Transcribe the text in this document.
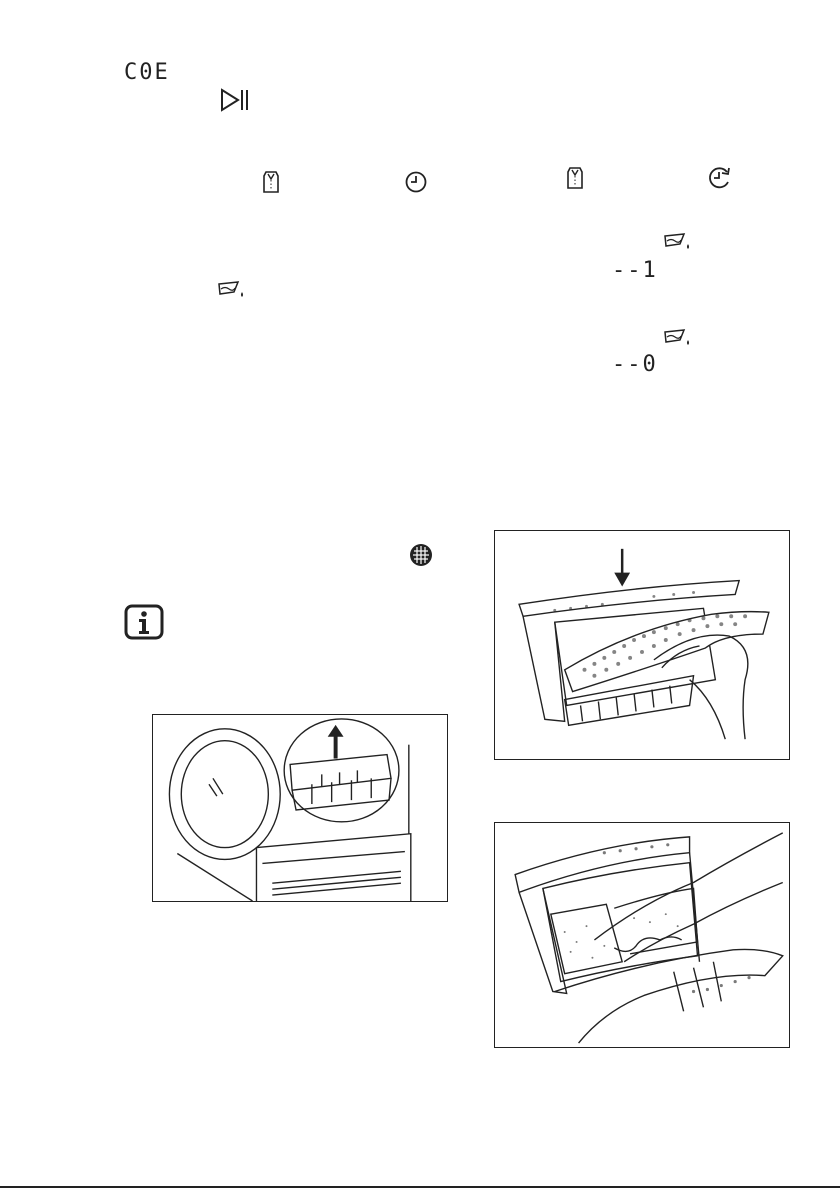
C0E
--1
--0
